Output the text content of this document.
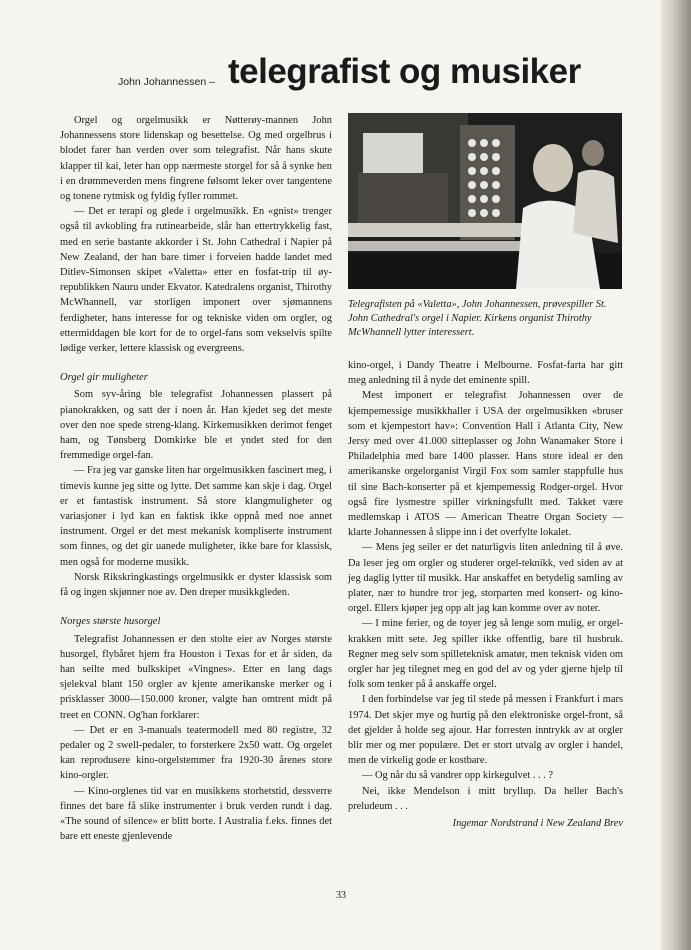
John Johannessen – telegrafist og musiker

Orgel og orgelmusikk er Nøtterøy-mannen John Johannessens store lidenskap og besettelse. Og med orgelbrus i blodet farer han verden over som telegrafist. Når hans skute klapper til kai, leter han opp nærmeste storgel for så å synke hen i en drømmeverden mens fingrene følsomt leker over tangentene og tonene rytmisk og fyldig fyller rommet.

— Det er terapi og glede i orgelmusikk. En «gnist» trenger også til avkobling fra rutinearbeide, slår han ettertrykkelig fast, med en serie bastante akkorder i St. John Cathedral i Napier på New Zealand, der han bare timer i forveien hadde landet med Ditlev-Simonsen skipet «Valetta» etter en fosfat-trip til øy-republikken Nauru under Ekvator. Katedralens organist, Thirothy McWhannell, var storligen imponert over sjømannens ferdigheter, hans interesse for og tekniske viden om orgler, og ettermiddagen ble kort for de to orgel-fans som vekselvis spilte lødige verker, lettere klassisk og evergreens.

Orgel gir muligheter

Som syv-åring ble telegrafist Johannessen plassert på pianokrakken, og satt der i noen år. Han kjedet seg det meste over den noe spede streng-klang. Kirkemusikken derimot fenget ham, og Tønsberg Domkirke ble et yndet sted for den fremmedige orgel-fan.

— Fra jeg var ganske liten har orgelmusikken fascinert meg, i timevis kunne jeg sitte og lytte. Det samme kan skje i dag. Orgel er et fantastisk instrument. Så store klangmuligheter og variasjoner i lyd kan en faktisk ikke oppnå med noe annet instrument. Orgel er det mest mekanisk kompliserte instrument som finnes, og det gir uanede muligheter, ikke bare for klassisk, men også for moderne musikk.

Norsk Rikskringkastings orgelmusikk er dyster klassisk som få og ingen skjønner noe av. Den dreper musikkgleden.

Norges største husorgel

Telegrafist Johannessen er den stolte eier av Norges største husorgel, flybåret hjem fra Houston i Texas for et år siden, da han seilte med bulkskipet «Vingnes». Etter en lang dags sjelekval blant 150 orgler av kjente amerikanske merker og i prisklasser 3000—150.000 kroner, valgte han omtrent midt på treet en CONN. Og'han forklarer:

— Det er en 3-manuals teatermodell med 80 registre, 32 pedaler og 2 swell-pedaler, to forsterkere 2x50 watt. Og orgelet kan reprodusere kino-orgelstemmer fra 1920-30 årenes store kino-orgler.

— Kino-orglenes tid var en musikkens storhetstid, dessverre finnes det bare få slike instrumenter i bruk verden rundt i dag. «The sound of silence» er blitt borte. I Australia f.eks. finnes det bare ett eneste gjenlevende

Telegrafisten på «Valetta», John Johannessen, prøvespiller St. John Cathedral's orgel i Napier. Kirkens organist Thirothy McWhannell lytter interessert.

kino-orgel, i Dandy Theatre i Melbourne. Fosfat-farta har gitt meg anledning til å nyde det eminente spill.

Mest imponert er telegrafist Johannessen over de kjempemessige musikkhaller i USA der orgelmusikken «bruser som et kjempestort hav»: Convention Hall i Atlanta City, New Jersy med over 41.000 sitteplasser og John Wanamaker Store i Philadelphia med bare 1400 plasser. Hans store ideal er den amerikanske orgelorganist Virgil Fox som samler stappfulle hus til sine Bach-konserter på et kjempemessig Rodger-orgel. Hvor også fire lysmestre spiller virkningsfullt med. Takket være medlemskap i ATOS — American Theatre Organ Society — klarte Johannessen å slippe inn i det overfylte lokalet.

— Mens jeg seiler er det naturligvis liten anledning til å øve. Da leser jeg om orgler og studerer orgel-teknikk, ved siden av at jeg daglig lytter til musikk. Har anskaffet en betydelig samling av plater, nær to hundre tror jeg, storparten med konsert- og kino-orgel. Ellers kjøper jeg opp alt jag kan komme over av noter.

— I mine ferier, og de toyer jeg så lenge som mulig, er orgel-krakken mitt sete. Jeg spiller ikke offentlig, bare til husbruk. Regner meg selv som spilleteknisk amatør, men teknisk viden om orgler har jeg tilegnet meg en god del av og yder gjerne hjelp til folk som tenker på å anskaffe orgel.

I den forbindelse var jeg til stede på messen i Frankfurt i mars 1974. Det skjer mye og hurtig på den elektroniske orgel-front, så det gjelder å holde seg ajour. Har forresten inntrykk av at orgler blir mer og mer populære. Det er stort utvalg av orgler i handel, men de virkelig gode er kostbare.

— Og når du så vandrer opp kirkegulvet . . . ?

Nei, ikke Mendelson i mitt bryllup. Da heller Bach's preludeum . . .

Ingemar Nordstrand i New Zealand Brev
33
